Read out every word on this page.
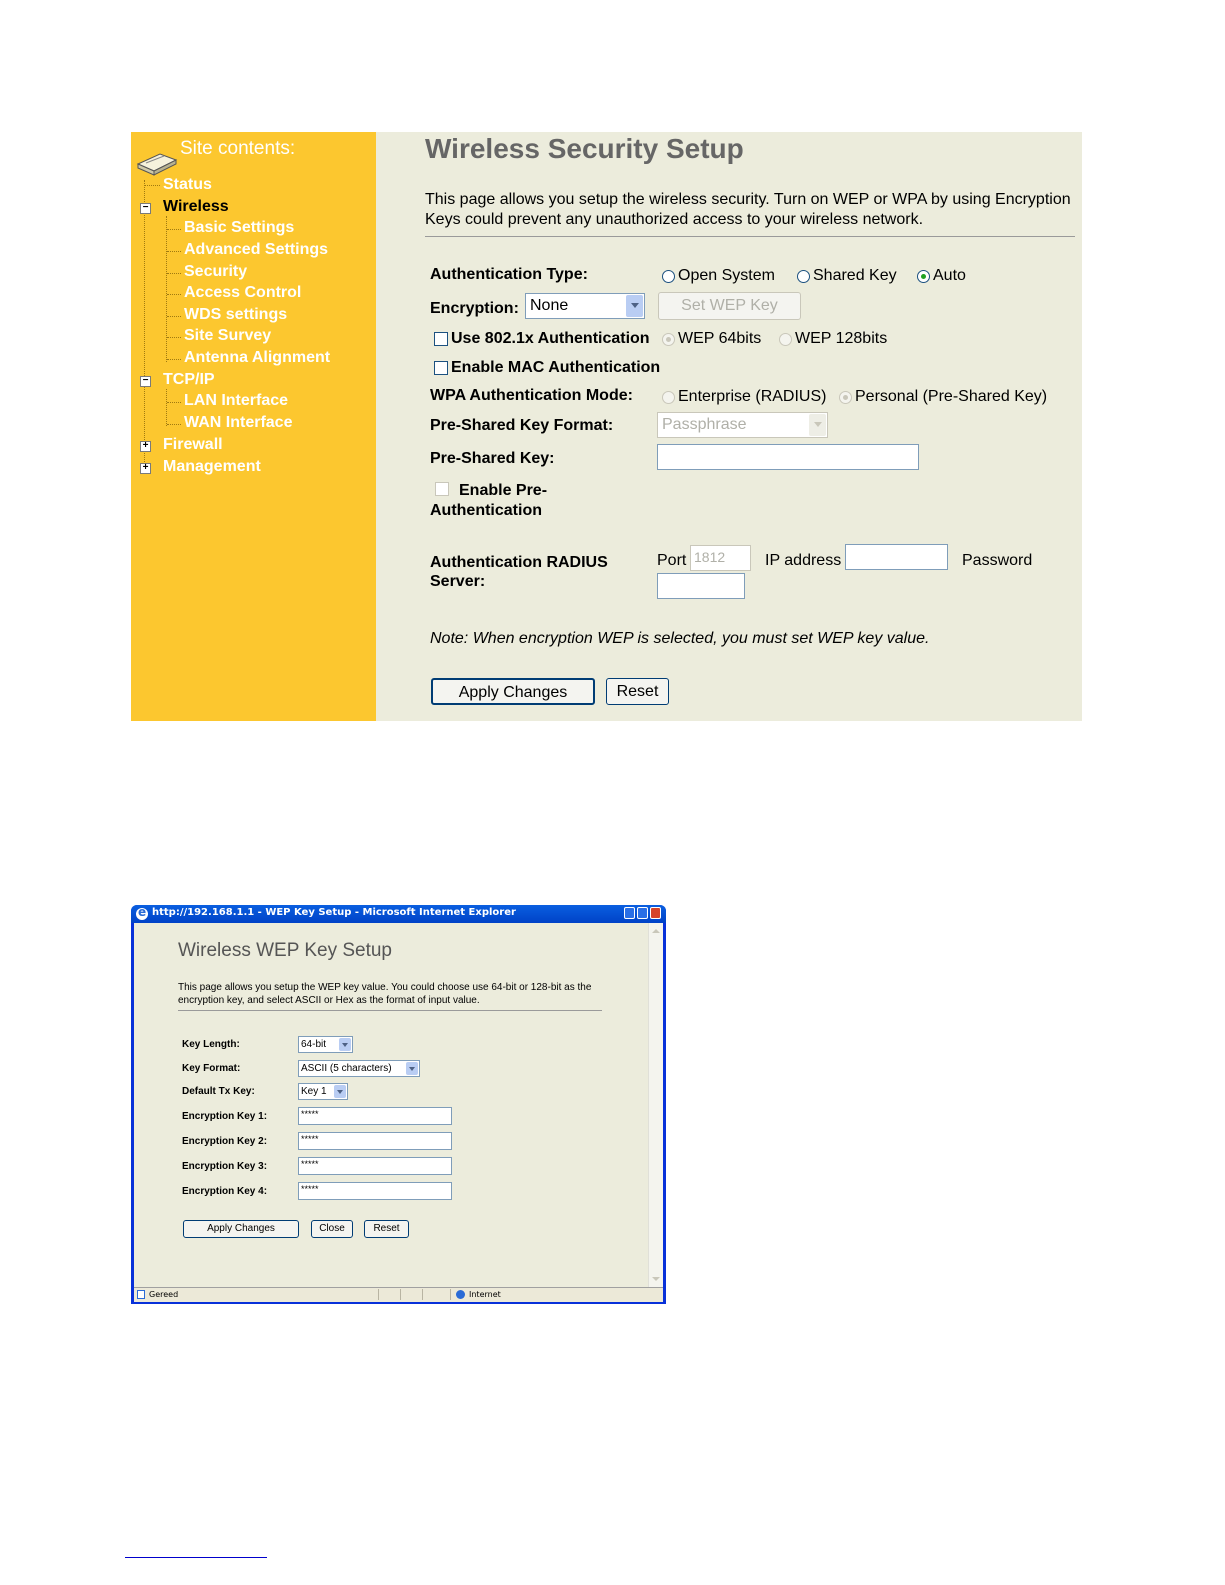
Site contents:
−
−
+
+
Status
Wireless
Basic Settings
Advanced Settings
Security
Access Control
WDS settings
Site Survey
Antenna Alignment
TCP/IP
LAN Interface
WAN Interface
Firewall
Management
Wireless Security Setup
This page allows you setup the wireless security. Turn on WEP or WPA by using Encryption Keys could prevent any unauthorized access to your wireless network.
Authentication Type:	Open System Shared Key Auto
Encryption: None	Set WEP Key
Use 802.1x Authentication WEP 64bits WEP 128bits
Enable MAC Authentication
WPA Authentication Mode:	Enterprise (RADIUS) Personal (Pre-Shared Key)
Pre-Shared Key Format:	Passphrase
Pre-Shared Key:
Enable Pre-
Authentication
Authentication RADIUS
Server:
Port 1812	IP address	Password
Note: When encryption WEP is selected, you must set WEP key value.
Apply Changes	Reset
e
http://192.168.1.1 - WEP Key Setup - Microsoft Internet Explorer
Wireless WEP Key Setup
This page allows you setup the WEP key value. You could choose use 64-bit or 128-bit as the encryption key, and select ASCII or Hex as the format of input value.
Key Length:	64-bit
Key Format:	ASCII (5 characters)
Default Tx Key:	Key 1
Encryption Key 1:	*****
Encryption Key 2:	*****
Encryption Key 3:	*****
Encryption Key 4:	*****
Apply Changes	Close	Reset
Gereed	Internet
